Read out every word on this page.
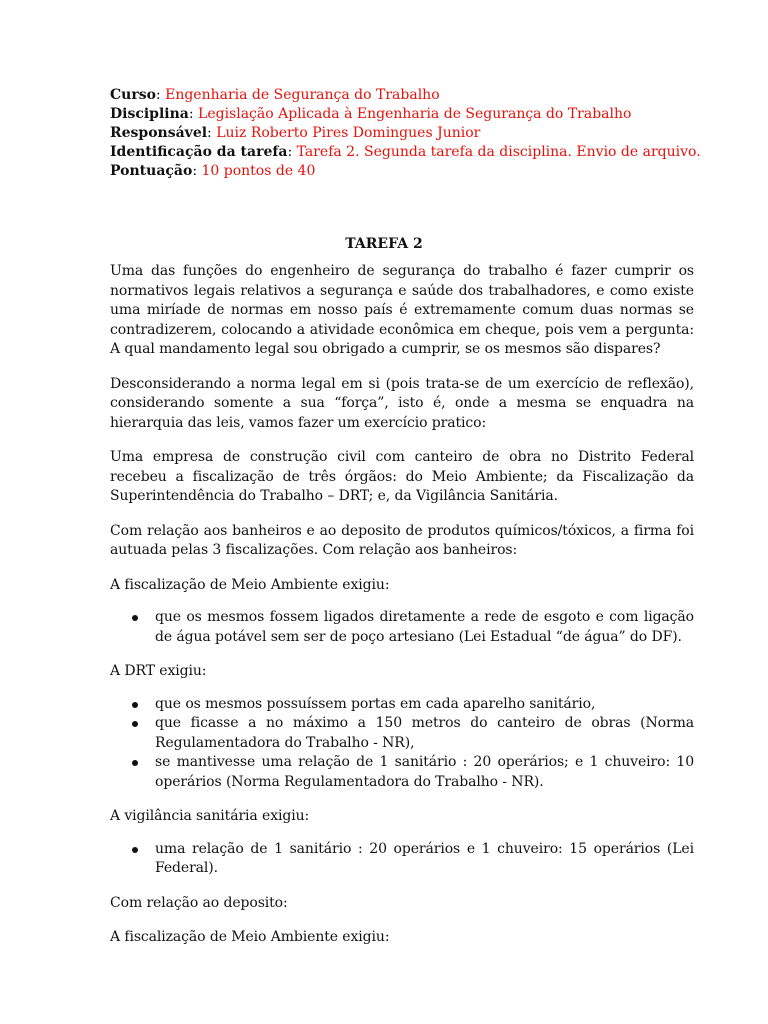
Curso: Engenharia de Segurança do Trabalho
Disciplina: Legislação Aplicada à Engenharia de Segurança do Trabalho
Responsável: Luiz Roberto Pires Domingues Junior
Identificação da tarefa: Tarefa 2. Segunda tarefa da disciplina. Envio de arquivo.
Pontuação: 10 pontos de 40
TAREFA 2

Uma das funções do engenheiro de segurança do trabalho é fazer cumprir os normativos legais relativos a segurança e saúde dos trabalhadores, e como existe uma miríade de normas em nosso país é extremamente comum duas normas se contradizerem, colocando a atividade econômica em cheque, pois vem a pergunta: A qual mandamento legal sou obrigado a cumprir, se os mesmos são dispares?

Desconsiderando a norma legal em si (pois trata-se de um exercício de reflexão), considerando somente a sua “força”, isto é, onde a mesma se enquadra na hierarquia das leis, vamos fazer um exercício pratico:

Uma empresa de construção civil com canteiro de obra no Distrito Federal recebeu a fiscalização de três órgãos: do Meio Ambiente; da Fiscalização da Superintendência do Trabalho – DRT; e, da Vigilância Sanitária.

Com relação aos banheiros e ao deposito de produtos químicos/tóxicos, a firma foi autuada pelas 3 fiscalizações. Com relação aos banheiros:

A fiscalização de Meio Ambiente exigiu:

que os mesmos fossem ligados diretamente a rede de esgoto e com ligação de água potável sem ser de poço artesiano (Lei Estadual “de água” do DF).

A DRT exigiu:

que os mesmos possuíssem portas em cada aparelho sanitário,
que ficasse a no máximo a 150 metros do canteiro de obras (Norma Regulamentadora do Trabalho - NR),
se mantivesse uma relação de 1 sanitário : 20 operários; e 1 chuveiro: 10 operários (Norma Regulamentadora do Trabalho - NR).

A vigilância sanitária exigiu:

uma relação de 1 sanitário : 20 operários e 1 chuveiro: 15 operários (Lei Federal).

Com relação ao deposito:

A fiscalização de Meio Ambiente exigiu:
